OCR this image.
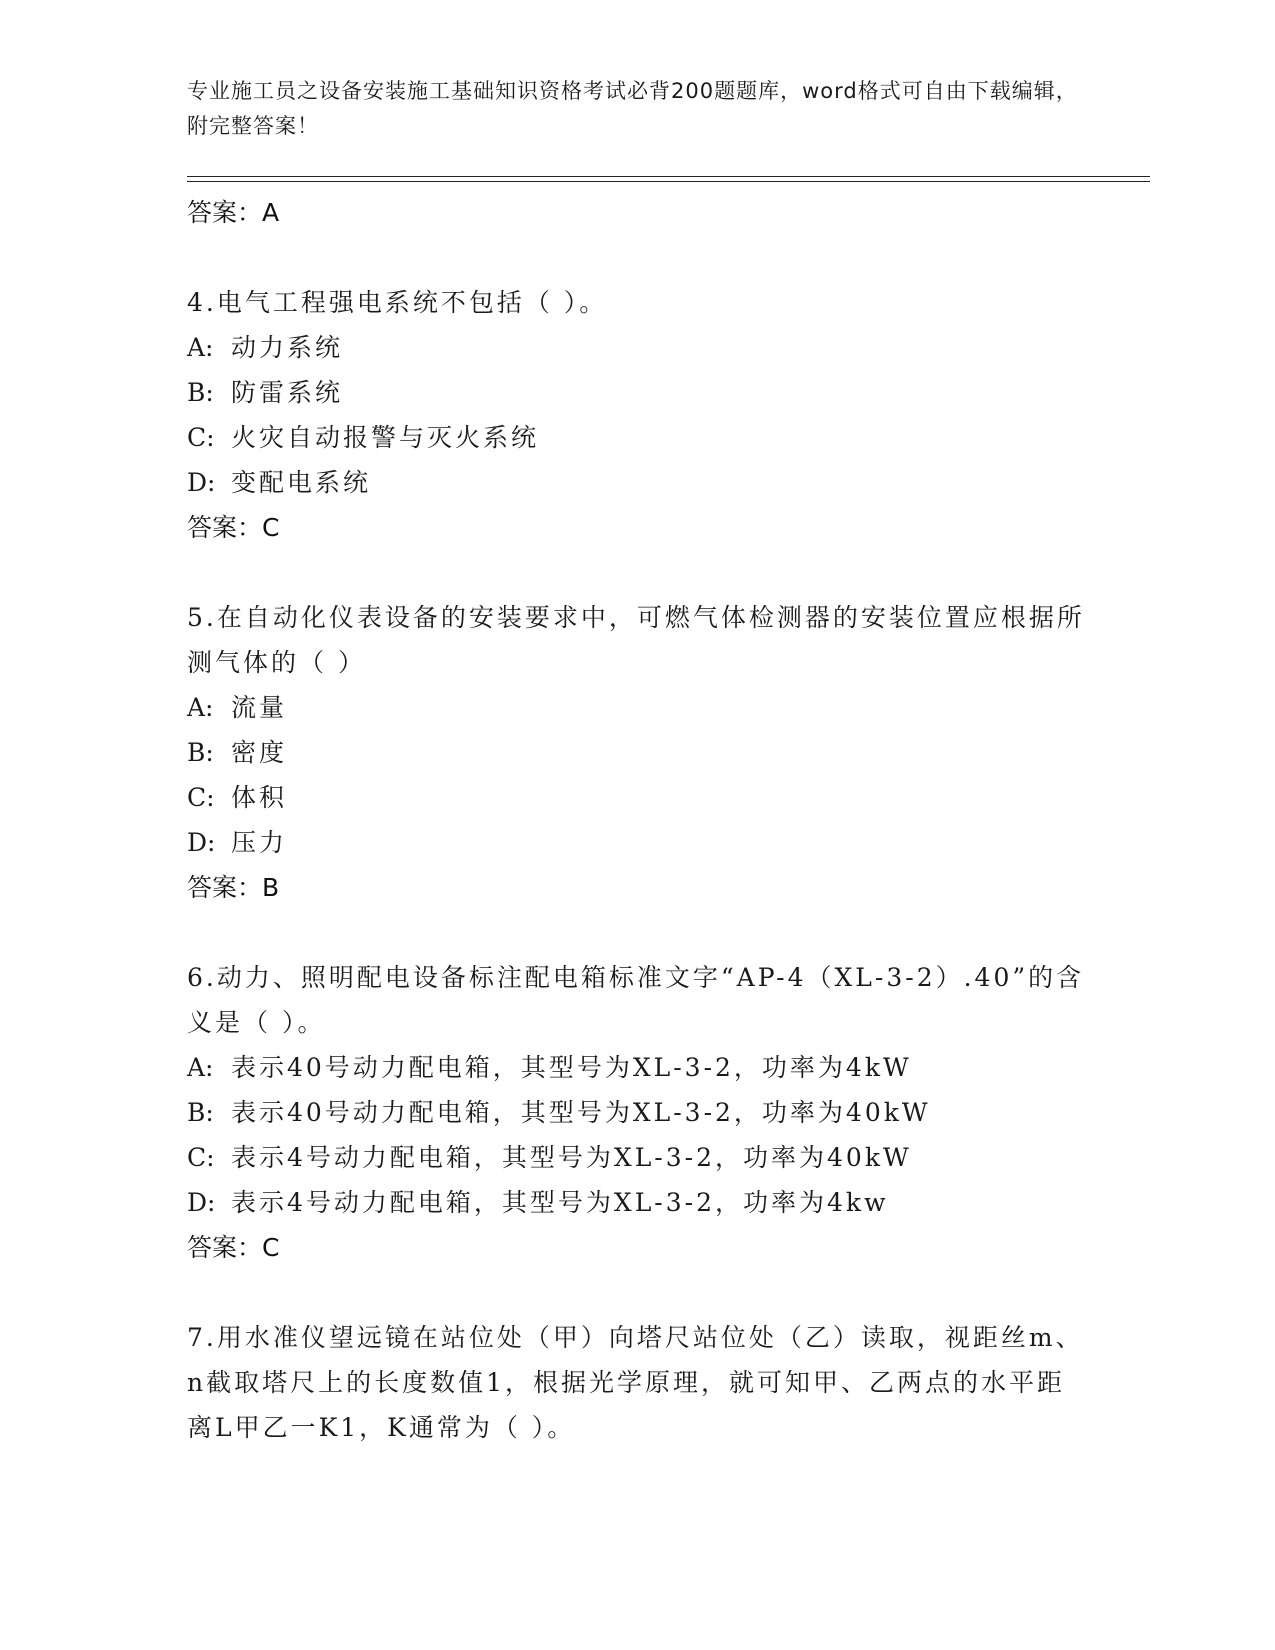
专业施工员之设备安装施工基础知识资格考试必背200题题库，word格式可自由下载编辑，附完整答案！
答案：A
4.电气工程强电系统不包括（ ）。
A: 动力系统
B: 防雷系统
C: 火灾自动报警与灭火系统
D: 变配电系统
答案：C
5.在自动化仪表设备的安装要求中，可燃气体检测器的安装位置应根据所测气体的（ ）
A: 流量
B: 密度
C: 体积
D: 压力
答案：B
6.动力、照明配电设备标注配电箱标准文字“AP-4（XL-3-2）.40”的含义是（ ）。
A: 表示40号动力配电箱，其型号为XL-3-2，功率为4kW
B: 表示40号动力配电箱，其型号为XL-3-2，功率为40kW
C: 表示4号动力配电箱，其型号为XL-3-2，功率为40kW
D: 表示4号动力配电箱，其型号为XL-3-2，功率为4kw
答案：C
7.用水准仪望远镜在站位处（甲）向塔尺站位处（乙）读取，视距丝m、n截取塔尺上的长度数值1，根据光学原理，就可知甲、乙两点的水平距离L甲乙一K1，K通常为（ ）。
